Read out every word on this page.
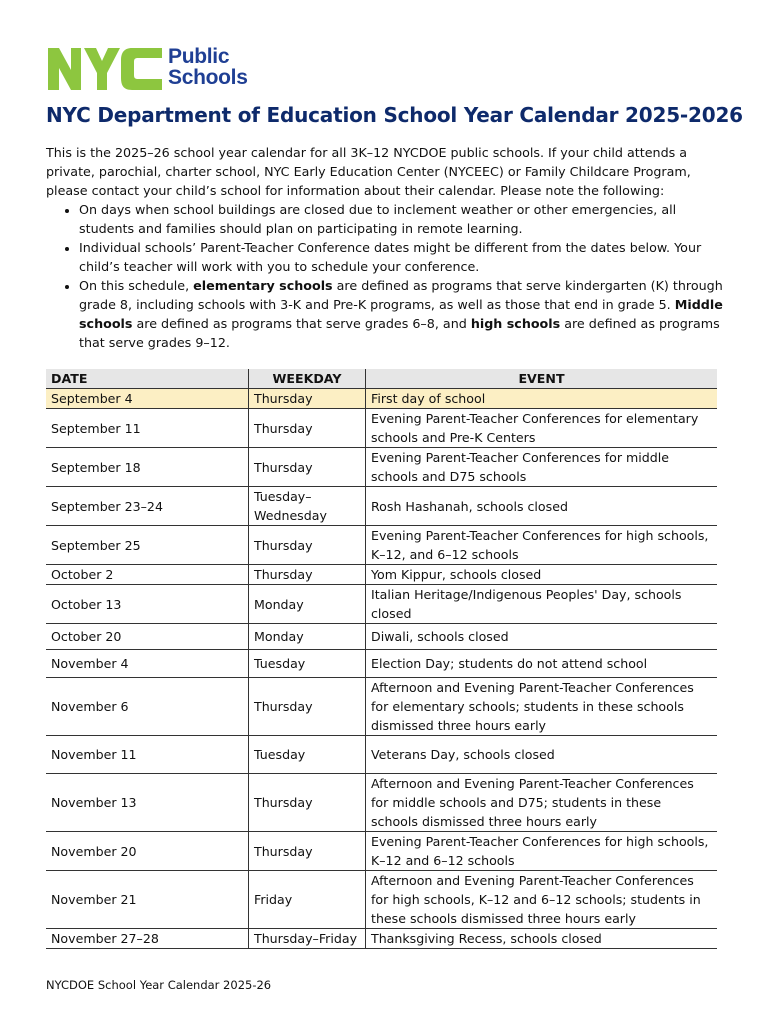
Public
Schools
NYC Department of Education School Year Calendar 2025-2026

This is the 2025–26 school year calendar for all 3K–12 NYCDOE public schools. If your child attends a private, parochial, charter school, NYC Early Education Center (NYCEEC) or Family Childcare Program, please contact your child’s school for information about their calendar. Please note the following:

• On days when school buildings are closed due to inclement weather or other emergencies, all students and families should plan on participating in remote learning.
• Individual schools’ Parent-Teacher Conference dates might be different from the dates below. Your child’s teacher will work with you to schedule your conference.
• On this schedule, elementary schools are defined as programs that serve kindergarten (K) through grade 8, including schools with 3-K and Pre-K programs, as well as those that end in grade 5. Middle schools are defined as programs that serve grades 6–8, and high schools are defined as programs that serve grades 9–12.
DATE	WEEKDAY	EVENT
September 4	Thursday	First day of school
September 11	Thursday	Evening Parent-Teacher Conferences for elementary schools and Pre-K Centers
September 18	Thursday	Evening Parent-Teacher Conferences for middle schools and D75 schools
September 23–24	Tuesday–Wednesday	Rosh Hashanah, schools closed
September 25	Thursday	Evening Parent-Teacher Conferences for high schools, K–12, and 6–12 schools
October 2	Thursday	Yom Kippur, schools closed
October 13	Monday	Italian Heritage/Indigenous Peoples' Day, schools closed
October 20	Monday	Diwali, schools closed
November 4	Tuesday	Election Day; students do not attend school
November 6	Thursday	Afternoon and Evening Parent-Teacher Conferences for elementary schools; students in these schools dismissed three hours early
November 11	Tuesday	Veterans Day, schools closed
November 13	Thursday	Afternoon and Evening Parent-Teacher Conferences for middle schools and D75; students in these schools dismissed three hours early
November 20	Thursday	Evening Parent-Teacher Conferences for high schools, K–12 and 6–12 schools
November 21	Friday	Afternoon and Evening Parent-Teacher Conferences for high schools, K–12 and 6–12 schools; students in these schools dismissed three hours early
November 27–28	Thursday–Friday	Thanksgiving Recess, schools closed
NYCDOE School Year Calendar 2025-26
